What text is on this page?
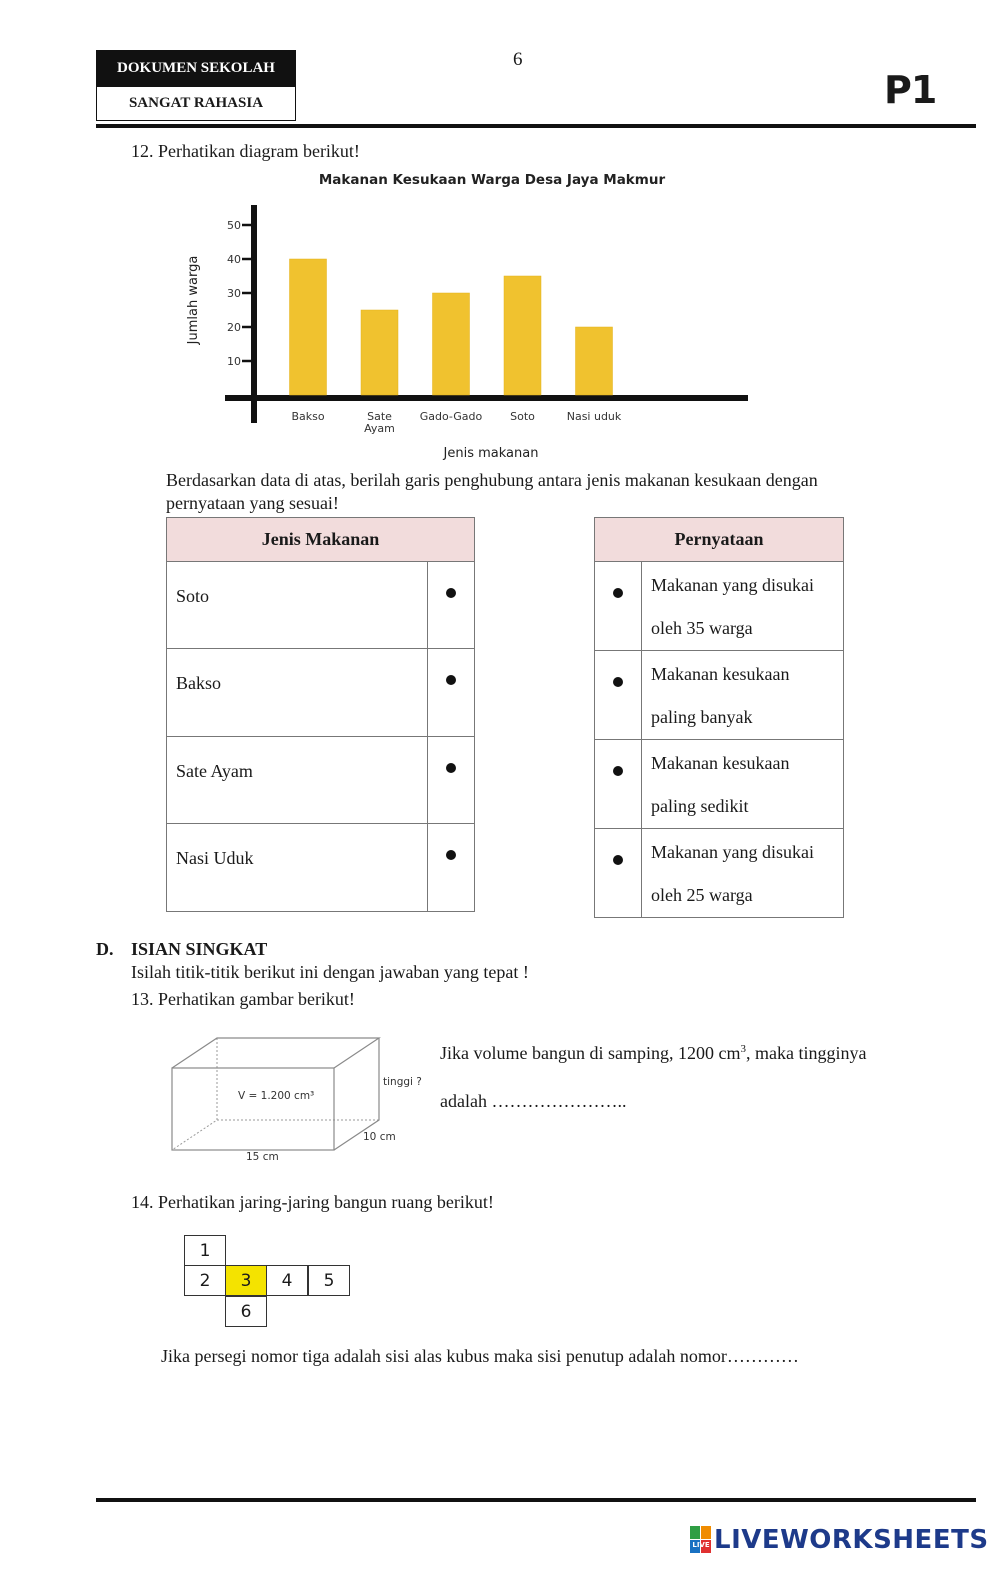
DOKUMEN SEKOLAH
SANGAT RAHASIA
6
P1
12. Perhatikan diagram berikut!
Makanan Kesukaan Warga Desa Jaya Makmur
Jumlah warga
Jenis makanan
10
20
30
40
50
Bakso	Sate
Ayam
Gado-Gado	Soto	Nasi uduk
Berdasarkan data di atas, berilah garis penghubung antara jenis makanan kesukaan dengan
pernyataan yang sesuai!
Jenis Makanan	
Soto	

Bakso	

Sate Ayam	

Nasi Uduk	
Pernyataan	

	Makanan yang disukai
oleh 35 warga

	Makanan kesukaan
paling banyak

	Makanan kesukaan
paling sedikit

	Makanan yang disukai
oleh 25 warga
D. ISIAN SINGKAT
Isilah titik-titik berikut ini dengan jawaban yang tepat !
13. Perhatikan gambar berikut!
V = 1.200 cm³
tinggi ?
10 cm
15 cm
Jika volume bangun di samping, 1200 $cm^3$, maka tingginya
adalah …………………..
14. Perhatikan jaring-jaring bangun ruang berikut!
1
2	3	4	5
6
Jika persegi nomor tiga adalah sisi alas kubus maka sisi penutup adalah nomor…………
LIVE LIVEWORKSHEETS
